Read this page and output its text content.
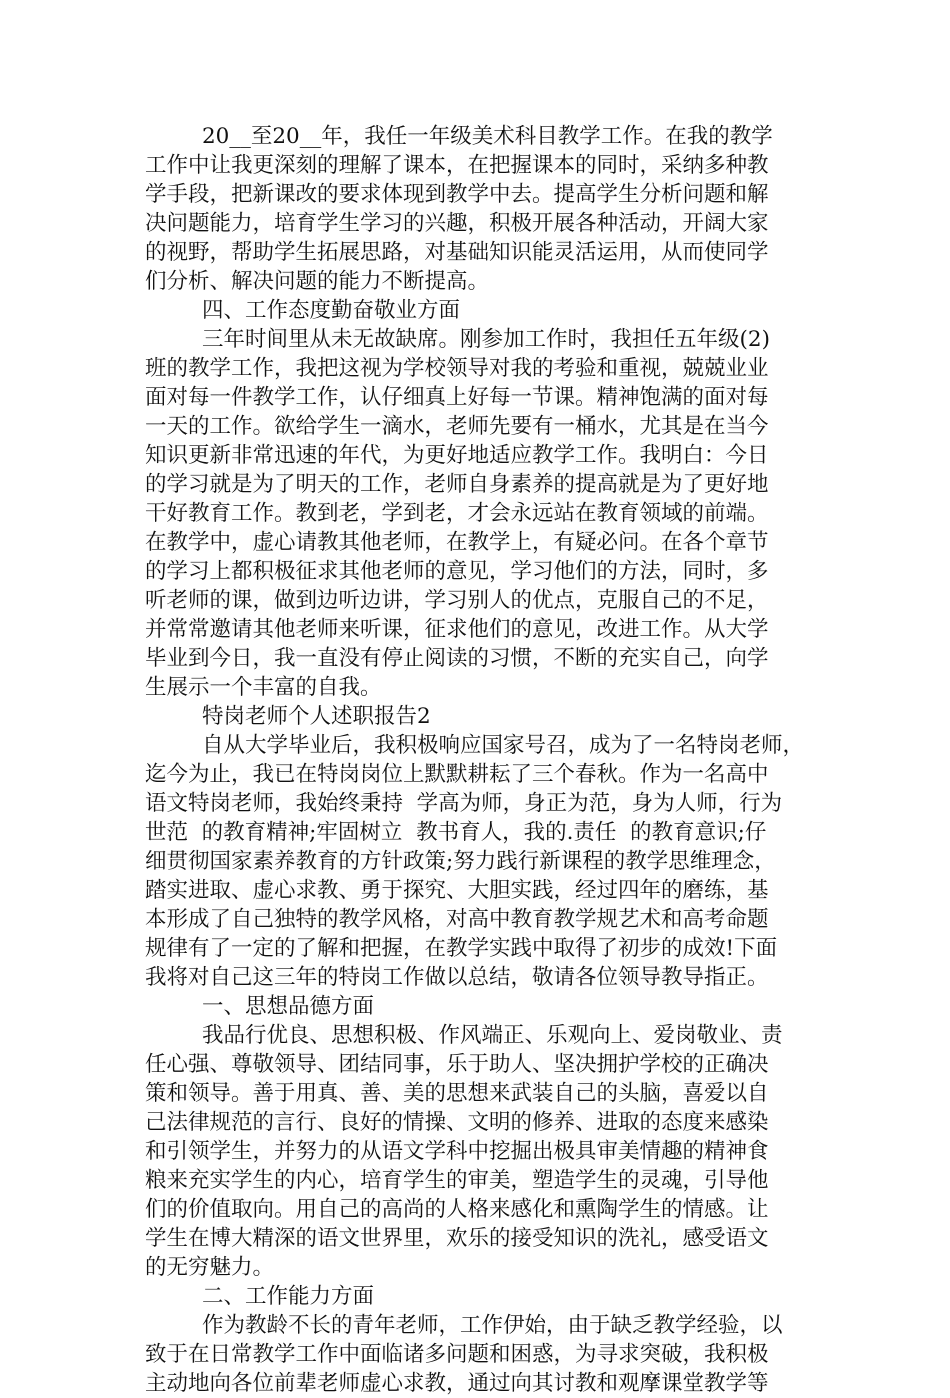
20__至20__年，我任一年级美术科目教学工作。在我的教学
工作中让我更深刻的理解了课本，在把握课本的同时，采纳多种教
学手段，把新课改的要求体现到教学中去。提高学生分析问题和解
决问题能力，培育学生学习的兴趣，积极开展各种活动，开阔大家
的视野，帮助学生拓展思路，对基础知识能灵活运用，从而使同学
们分析、解决问题的能力不断提高。
四、工作态度勤奋敬业方面
三年时间里从未无故缺席。刚参加工作时，我担任五年级(2)
班的教学工作，我把这视为学校领导对我的考验和重视，兢兢业业
面对每一件教学工作，认仔细真上好每一节课。精神饱满的面对每
一天的工作。欲给学生一滴水，老师先要有一桶水，尤其是在当今
知识更新非常迅速的年代，为更好地适应教学工作。我明白：今日
的学习就是为了明天的工作，老师自身素养的提高就是为了更好地
干好教育工作。教到老，学到老，才会永远站在教育领域的前端。
在教学中，虚心请教其他老师，在教学上，有疑必问。在各个章节
的学习上都积极征求其他老师的意见，学习他们的方法，同时，多
听老师的课，做到边听边讲，学习别人的优点，克服自己的不足，
并常常邀请其他老师来听课，征求他们的意见，改进工作。从大学
毕业到今日，我一直没有停止阅读的习惯，不断的充实自己，向学
生展示一个丰富的自我。
特岗老师个人述职报告2
自从大学毕业后，我积极响应国家号召，成为了一名特岗老师，
迄今为止，我已在特岗岗位上默默耕耘了三个春秋。作为一名高中
语文特岗老师，我始终秉持  学高为师，身正为范，身为人师，行为
世范  的教育精神;牢固树立  教书育人，我的.责任  的教育意识;仔
细贯彻国家素养教育的方针政策;努力践行新课程的教学思维理念，
踏实进取、虚心求教、勇于探究、大胆实践，经过四年的磨练，基
本形成了自己独特的教学风格，对高中教育教学规艺术和高考命题
规律有了一定的了解和把握，在教学实践中取得了初步的成效!下面
我将对自己这三年的特岗工作做以总结，敬请各位领导教导指正。
一、思想品德方面
我品行优良、思想积极、作风端正、乐观向上、爱岗敬业、责
任心强、尊敬领导、团结同事，乐于助人、坚决拥护学校的正确决
策和领导。善于用真、善、美的思想来武装自己的头脑，喜爱以自
己法律规范的言行、良好的情操、文明的修养、进取的态度来感染
和引领学生，并努力的从语文学科中挖掘出极具审美情趣的精神食
粮来充实学生的内心，培育学生的审美，塑造学生的灵魂，引导他
们的价值取向。用自己的高尚的人格来感化和熏陶学生的情感。让
学生在博大精深的语文世界里，欢乐的接受知识的洗礼，感受语文
的无穷魅力。
二、工作能力方面
作为教龄不长的青年老师，工作伊始，由于缺乏教学经验，以
致于在日常教学工作中面临诸多问题和困惑，为寻求突破，我积极
主动地向各位前辈老师虚心求教，通过向其讨教和观摩课堂教学等
